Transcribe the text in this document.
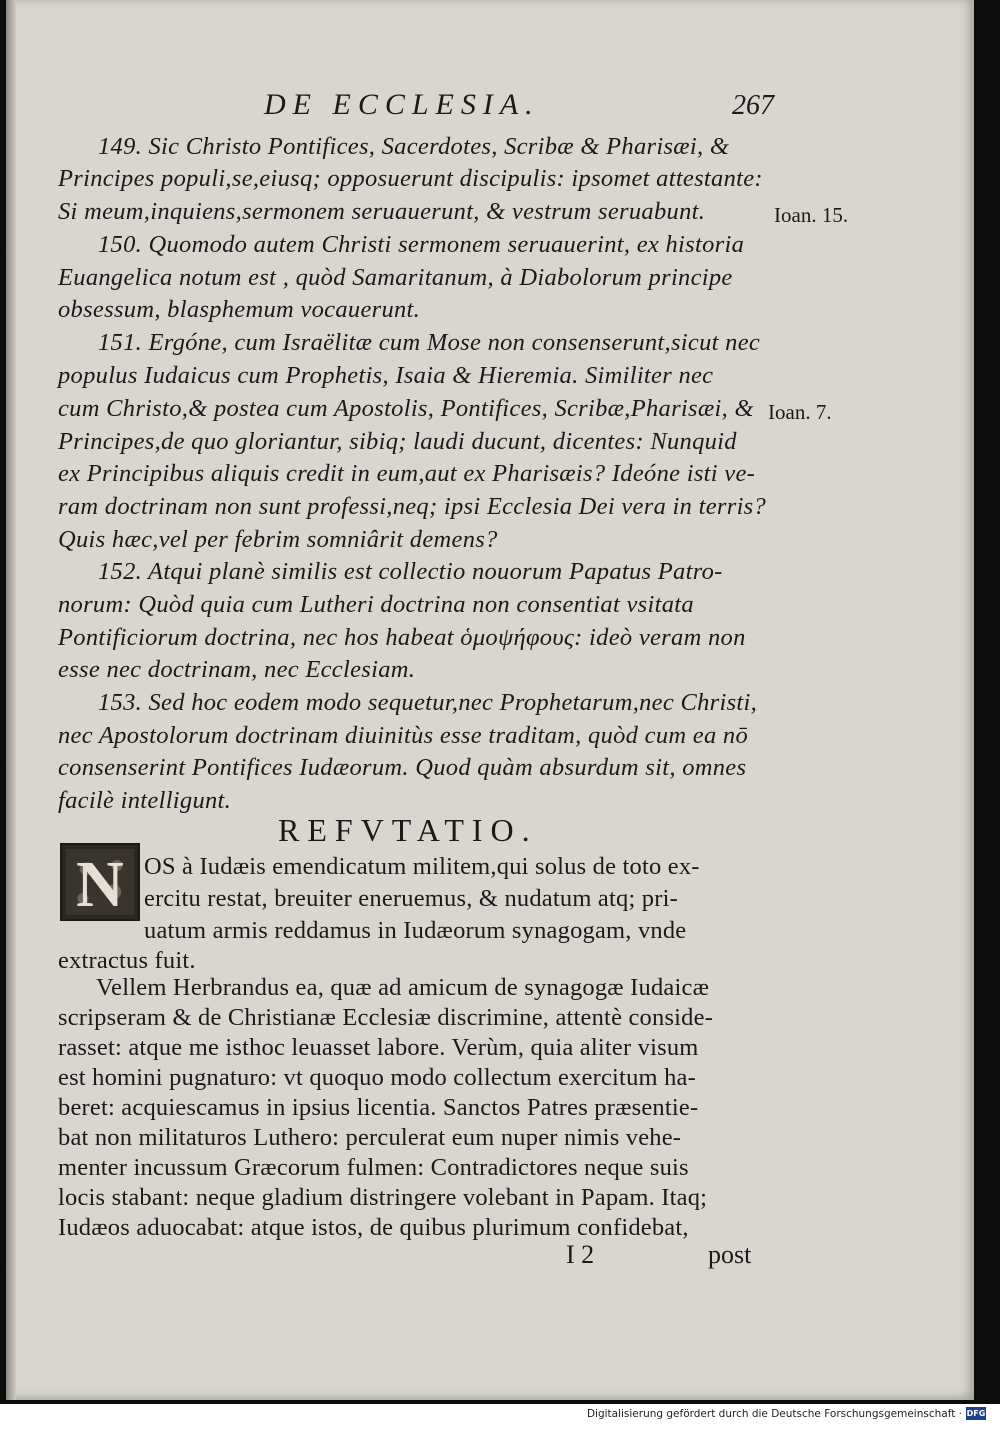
DE ECCLESIA.	267
149. Sic Christo Pontifices, Sacerdotes, Scribæ & Pharisæi, &
Principes populi,se,eiusq; opposuerunt discipulis: ipsomet attestante:
Si meum,inquiens,sermonem seruauerunt, & vestrum seruabunt.
150. Quomodo autem Christi sermonem seruauerint, ex historia
Euangelica notum est , quòd Samaritanum, à Diabolorum principe
obsessum, blasphemum vocauerunt.
151. Ergóne, cum Israëlitæ cum Mose non consenserunt,sicut nec
populus Iudaicus cum Prophetis, Isaia & Hieremia. Similiter nec
cum Christo,& postea cum Apostolis, Pontifices, Scribæ,Pharisæi, &
Principes,de quo gloriantur, sibiq; laudi ducunt, dicentes: Nunquid
ex Principibus aliquis credit in eum,aut ex Pharisæis? Ideóne isti ve-
ram doctrinam non sunt professi,neq; ipsi Ecclesia Dei vera in terris?
Quis hæc,vel per febrim somniârit demens?
152. Atqui planè similis est collectio nouorum Papatus Patro-
norum: Quòd quia cum Lutheri doctrina non consentiat vsitata
Pontificiorum doctrina, nec hos habeat ὁμοψήφους: ideò veram non
esse nec doctrinam, nec Ecclesiam.
153. Sed hoc eodem modo sequetur,nec Prophetarum,nec Christi,
nec Apostolorum doctrinam diuinitùs esse traditam, quòd cum ea nō
consenserint Pontifices Iudæorum. Quod quàm absurdum sit, omnes
facilè intelligunt.
Ioan. 15.
Ioan. 7.
REFVTATIO.
N OS à Iudæis emendicatum militem,qui solus de toto ex-
ercitu restat, breuiter eneruemus, & nudatum atq; pri-
uatum armis reddamus in Iudæorum synagogam, vnde
extractus fuit.
Vellem Herbrandus ea, quæ ad amicum de synagogæ Iudaicæ
scripseram & de Christianæ Ecclesiæ discrimine, attentè conside-
rasset: atque me isthoc leuasset labore. Verùm, quia aliter visum
est homini pugnaturo: vt quoquo modo collectum exercitum ha-
beret: acquiescamus in ipsius licentia. Sanctos Patres præsentie-
bat non militaturos Luthero: perculerat eum nuper nimis vehe-
menter incussum Græcorum fulmen: Contradictores neque suis
locis stabant: neque gladium distringere volebant in Papam. Itaq;
Iudæos aduocabat: atque istos, de quibus plurimum confidebat,
I 2	post
Digitalisierung gefördert durch die Deutsche Forschungsgemeinschaft · DFG
